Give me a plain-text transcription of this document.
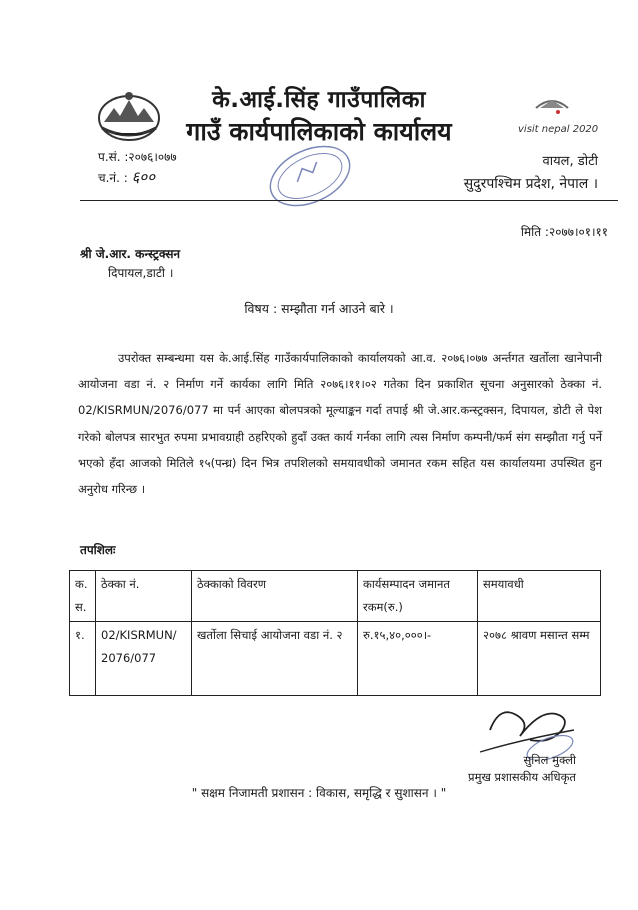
के.आई.सिंह गाउँपालिका
गाउँ कार्यपालिकाको कार्यालय	visit nepal 2020
प.सं. :२०७६।०७७
च.नं. : ६००
वायल, डोटी
सुदुरपश्चिम प्रदेश, नेपाल ।
मिति :२०७७।०१।११
श्री जे.आर. कन्स्ट्रक्सन
दिपायल,डाटी ।
विषय : सम्झौता गर्न आउने बारे ।
उपरोक्त सम्बन्धमा यस के.आई.सिंह गाउँकार्यपालिकाको कार्यालयको आ.व. २०७६।०७७ अर्न्तगत खर्तोला खानेपानी आयोजना वडा नं. २ निर्माण गर्ने कार्यका लागि मिति २०७६।११।०२ गतेका दिन प्रकाशित सूचना अनुसारको ठेक्का नं. 02/KISRMUN/2076/077 मा पर्न आएका बोलपत्रको मूल्याङ्कन गर्दा तपाई श्री जे.आर.कन्स्ट्रक्सन, दिपायल, डोटी ले पेश गरेको बोलपत्र सारभुत रुपमा प्रभावग्राही ठहरिएको हुदाँ उक्त कार्य गर्नका लागि त्यस निर्माण कम्पनी/फर्म संग सम्झौता गर्नु पर्ने भएको हँदा आजको मितिले १५(पन्ध्र) दिन भित्र तपशिलको समयावधीको जमानत रकम सहित यस कार्यालयमा उपस्थित हुन अनुरोध गरिन्छ ।
तपशिलः
क. स.	ठेक्का नं.	ठेक्काको विवरण	कार्यसम्पादन जमानत रकम(रु.)	समयावधी
१.	02/KISRMUN/ 2076/077	खर्तोला सिचाई आयोजना वडा नं. २	रु.१५,४०,०००।-	२०७८ श्रावण मसान्त सम्म
सुनिल मुक्ली
प्रमुख प्रशासकीय अधिकृत
" सक्षम निजामती प्रशासन : विकास, समृद्धि र सुशासन । "
